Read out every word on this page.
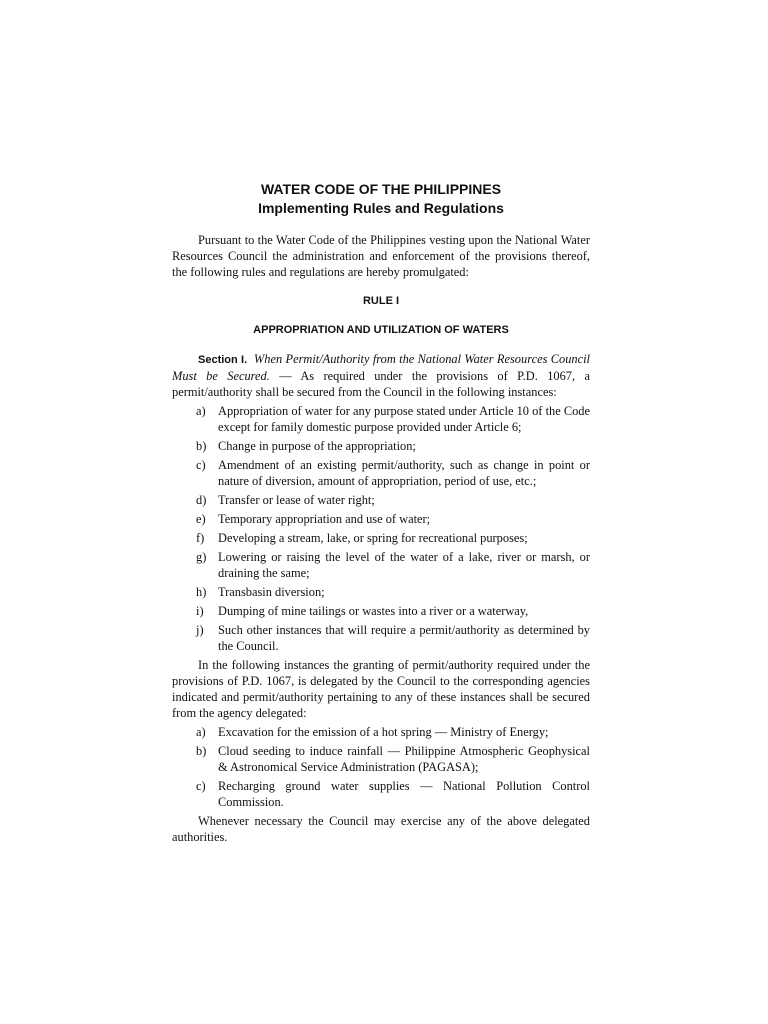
WATER CODE OF THE PHILIPPINES
Implementing Rules and Regulations

Pursuant to the Water Code of the Philippines vesting upon the National Water Resources Council the administration and enforcement of the provisions thereof, the following rules and regulations are hereby promulgated:

RULE I
APPROPRIATION AND UTILIZATION OF WATERS

Section I. When Permit/Authority from the National Water Resources Council Must be Secured. — As required under the provisions of P.D. 1067, a permit/authority shall be secured from the Council in the following instances:

a) Appropriation of water for any purpose stated under Article 10 of the Code except for family domestic purpose provided under Article 6;
b) Change in purpose of the appropriation;
c) Amendment of an existing permit/authority, such as change in point or nature of diversion, amount of appropriation, period of use, etc.;
d) Transfer or lease of water right;
e) Temporary appropriation and use of water;
f)	Developing a stream, lake, or spring for recreational purposes;
g) Lowering or raising the level of the water of a lake, river or marsh, or draining the same;
h) Transbasin diversion;
i)	Dumping of mine tailings or wastes into a river or a waterway,
j)	Such other instances that will require a permit/authority as determined by the Council.

In the following instances the granting of permit/authority required under the provisions of P.D. 1067, is delegated by the Council to the corresponding agencies indicated and permit/authority pertaining to any of these instances shall be secured from the agency delegated:

a) Excavation for the emission of a hot spring — Ministry of Energy;
b) Cloud seeding to induce rainfall — Philippine Atmospheric Geophysical & Astronomical Service Administration (PAGASA);
c) Recharging ground water supplies — National Pollution Control Commission.

Whenever necessary the Council may exercise any of the above delegated authorities.
